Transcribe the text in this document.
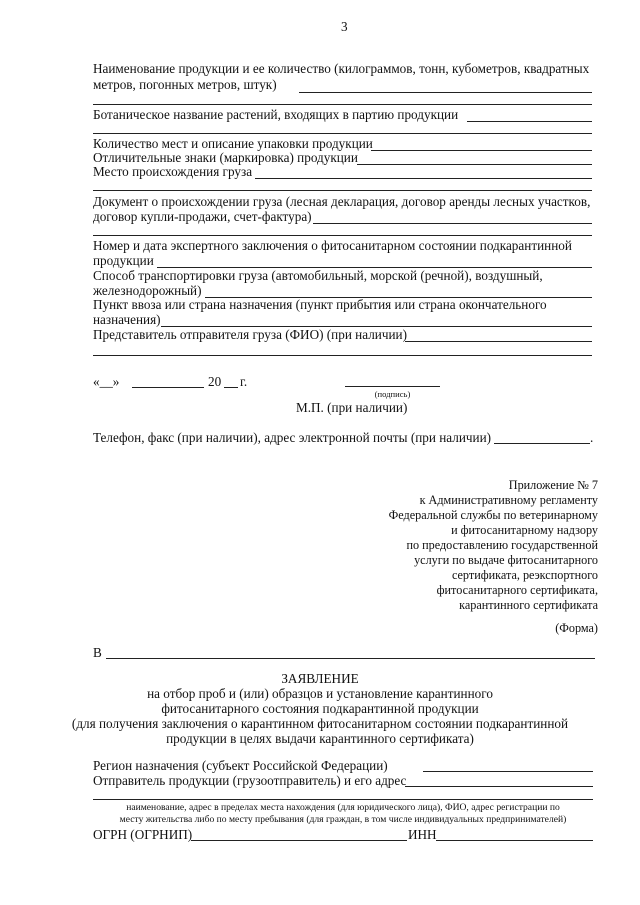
3
Наименование продукции и ее количество (килограммов, тонн, кубометров, квадратных
метров, погонных метров, штук)
Ботаническое название растений, входящих в партию продукции
Количество мест и описание упаковки продукции
Отличительные знаки (маркировка) продукции
Место происхождения груза
Документ о происхождении груза (лесная декларация, договор аренды лесных участков,
договор купли-продажи, счет-фактура)
Номер и дата экспертного заключения о фитосанитарном состоянии подкарантинной
продукции
Способ транспортировки груза (автомобильный, морской (речной), воздушный,
железнодорожный)
Пункт ввоза или страна назначения (пункт прибытия или страна окончательного
назначения)
Представитель отправителя груза (ФИО) (при наличии)
«__»	20 г.
(подпись)
М.П. (при наличии)
Телефон, факс (при наличии), адрес электронной почты (при наличии)	.
Приложение № 7
к Административному регламенту
Федеральной службы по ветеринарному
и фитосанитарному надзору
по предоставлению государственной
услуги по выдаче фитосанитарного
сертификата, реэкспортного
фитосанитарного сертификата,
карантинного сертификата
(Форма)
В
ЗАЯВЛЕНИЕ
на отбор проб и (или) образцов и установление карантинного
фитосанитарного состояния подкарантинной продукции
(для получения заключения о карантинном фитосанитарном состоянии подкарантинной
продукции в целях выдачи карантинного сертификата)
Регион назначения (субъект Российской Федерации)
Отправитель продукции (грузоотправитель) и его адрес
наименование, адрес в пределах места нахождения (для юридического лица), ФИО, адрес регистрации по
месту жительства либо по месту пребывания (для граждан, в том числе индивидуальных предпринимателей)
ОГРН (ОГРНИП)	ИНН
